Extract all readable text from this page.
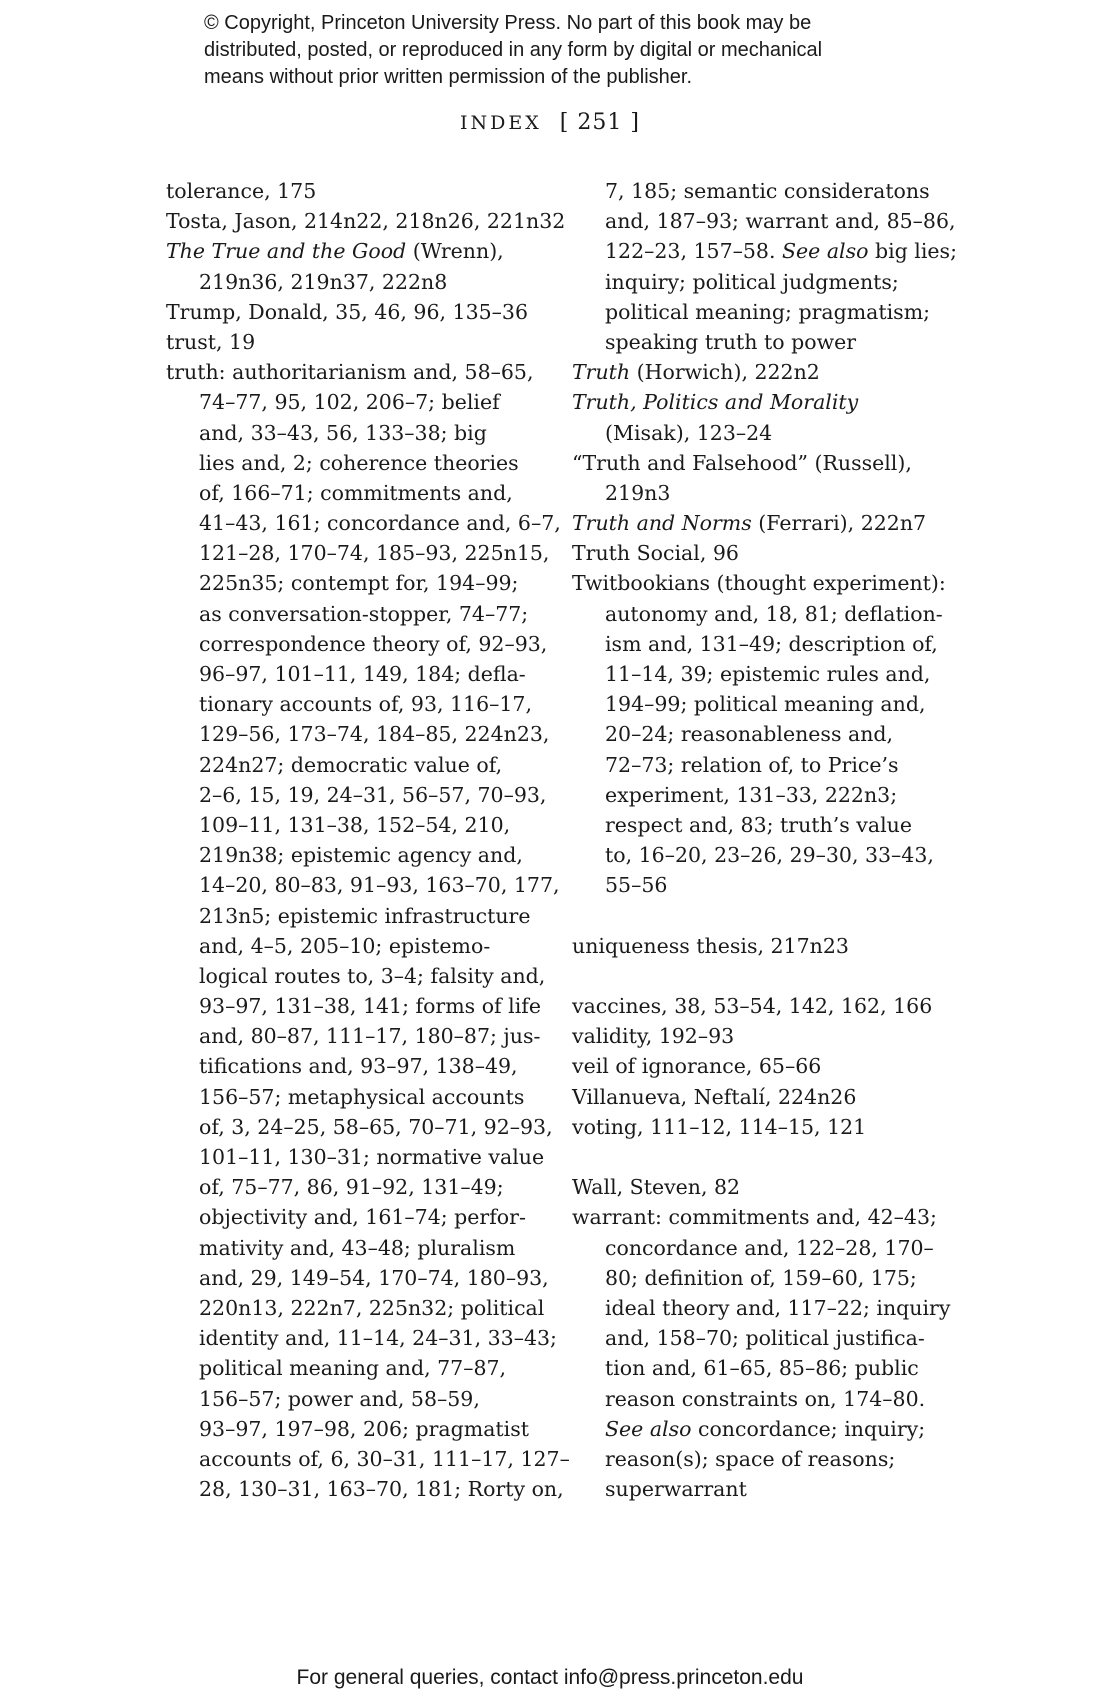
© Copyright, Princeton University Press. No part of this book may be
distributed, posted, or reproduced in any form by digital or mechanical
means without prior written permission of the publisher.
INDEX [ 251 ]
tolerance, 175
Tosta, Jason, 214n22, 218n26, 221n32
The True and the Good (Wrenn),
219n36, 219n37, 222n8
Trump, Donald, 35, 46, 96, 135–36
trust, 19
truth: authoritarianism and, 58–65,
74–77, 95, 102, 206–7; belief
and, 33–43, 56, 133–38; big
lies and, 2; coherence theories
of, 166–71; commitments and,
41–43, 161; concordance and, 6–7,
121–28, 170–74, 185–93, 225n15,
225n35; contempt for, 194–99;
as conversation-stopper, 74–77;
correspondence theory of, 92–93,
96–97, 101–11, 149, 184; defla-
tionary accounts of, 93, 116–17,
129–56, 173–74, 184–85, 224n23,
224n27; democratic value of,
2–6, 15, 19, 24–31, 56–57, 70–93,
109–11, 131–38, 152–54, 210,
219n38; epistemic agency and,
14–20, 80–83, 91–93, 163–70, 177,
213n5; epistemic infrastructure
and, 4–5, 205–10; epistemo-
logical routes to, 3–4; falsity and,
93–97, 131–38, 141; forms of life
and, 80–87, 111–17, 180–87; jus-
tifications and, 93–97, 138–49,
156–57; metaphysical accounts
of, 3, 24–25, 58–65, 70–71, 92–93,
101–11, 130–31; normative value
of, 75–77, 86, 91–92, 131–49;
objectivity and, 161–74; perfor-
mativity and, 43–48; pluralism
and, 29, 149–54, 170–74, 180–93,
220n13, 222n7, 225n32; political
identity and, 11–14, 24–31, 33–43;
political meaning and, 77–87,
156–57; power and, 58–59,
93–97, 197–98, 206; pragmatist
accounts of, 6, 30–31, 111–17, 127–
28, 130–31, 163–70, 181; Rorty on,
7, 185; semantic consideratons
and, 187–93; warrant and, 85–86,
122–23, 157–58. See also big lies;
inquiry; political judgments;
political meaning; pragmatism;
speaking truth to power
Truth (Horwich), 222n2
Truth, Politics and Morality
(Misak), 123–24
“Truth and Falsehood” (Russell),
219n3
Truth and Norms (Ferrari), 222n7
Truth Social, 96
Twitbookians (thought experiment):
autonomy and, 18, 81; deflation-
ism and, 131–49; description of,
11–14, 39; epistemic rules and,
194–99; political meaning and,
20–24; reasonableness and,
72–73; relation of, to Price’s
experiment, 131–33, 222n3;
respect and, 83; truth’s value
to, 16–20, 23–26, 29–30, 33–43,
55–56
uniqueness thesis, 217n23
vaccines, 38, 53–54, 142, 162, 166
validity, 192–93
veil of ignorance, 65–66
Villanueva, Neftalí, 224n26
voting, 111–12, 114–15, 121
Wall, Steven, 82
warrant: commitments and, 42–43;
concordance and, 122–28, 170–
80; definition of, 159–60, 175;
ideal theory and, 117–22; inquiry
and, 158–70; political justifica-
tion and, 61–65, 85–86; public
reason constraints on, 174–80.
See also concordance; inquiry;
reason(s); space of reasons;
superwarrant
For general queries, contact info@press.princeton.edu
